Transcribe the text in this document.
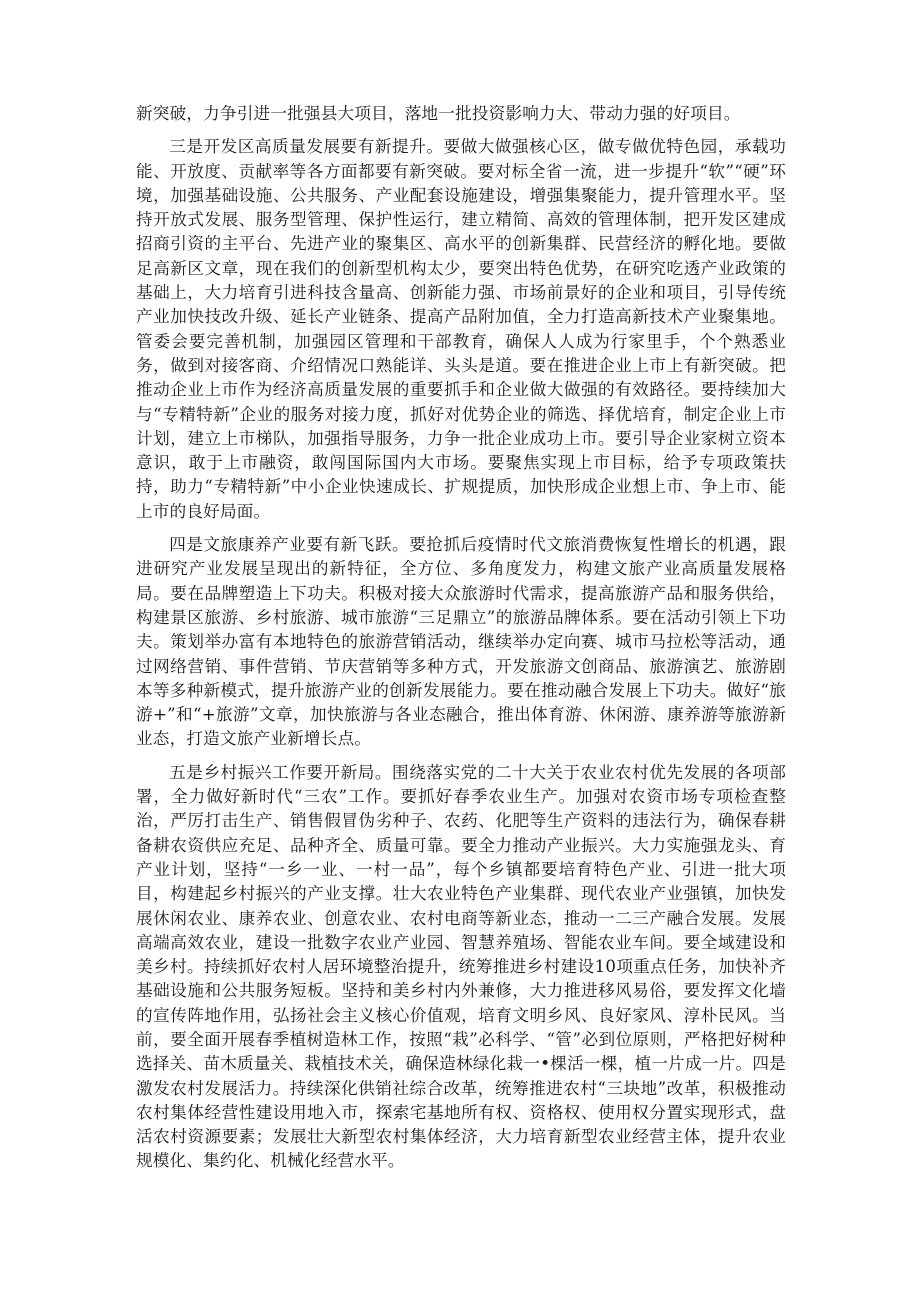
新突破，力争引进一批强县大项目，落地一批投资影响力大、带动力强的好项目。

三是开发区高质量发展要有新提升。要做大做强核心区，做专做优特色园，承载功能、开放度、贡献率等各方面都要有新突破。要对标全省一流，进一步提升“软”“硬”环境，加强基础设施、公共服务、产业配套设施建设，增强集聚能力，提升管理水平。坚持开放式发展、服务型管理、保护性运行，建立精简、高效的管理体制，把开发区建成招商引资的主平台、先进产业的聚集区、高水平的创新集群、民营经济的孵化地。要做足高新区文章，现在我们的创新型机构太少，要突出特色优势，在研究吃透产业政策的基础上，大力培育引进科技含量高、创新能力强、市场前景好的企业和项目，引导传统产业加快技改升级、延长产业链条、提高产品附加值，全力打造高新技术产业聚集地。管委会要完善机制，加强园区管理和干部教育，确保人人成为行家里手，个个熟悉业务，做到对接客商、介绍情况口熟能详、头头是道。要在推进企业上市上有新突破。把推动企业上市作为经济高质量发展的重要抓手和企业做大做强的有效路径。要持续加大与“专精特新”企业的服务对接力度，抓好对优势企业的筛选、择优培育，制定企业上市计划，建立上市梯队，加强指导服务，力争一批企业成功上市。要引导企业家树立资本意识，敢于上市融资，敢闯国际国内大市场。要聚焦实现上市目标，给予专项政策扶持，助力“专精特新”中小企业快速成长、扩规提质，加快形成企业想上市、争上市、能上市的良好局面。

四是文旅康养产业要有新飞跃。要抢抓后疫情时代文旅消费恢复性增长的机遇，跟进研究产业发展呈现出的新特征，全方位、多角度发力，构建文旅产业高质量发展格局。要在品牌塑造上下功夫。积极对接大众旅游时代需求，提高旅游产品和服务供给，构建景区旅游、乡村旅游、城市旅游“三足鼎立”的旅游品牌体系。要在活动引领上下功夫。策划举办富有本地特色的旅游营销活动，继续举办定向赛、城市马拉松等活动，通过网络营销、事件营销、节庆营销等多种方式，开发旅游文创商品、旅游演艺、旅游剧本等多种新模式，提升旅游产业的创新发展能力。要在推动融合发展上下功夫。做好“旅游+”和“+旅游”文章，加快旅游与各业态融合，推出体育游、休闲游、康养游等旅游新业态，打造文旅产业新增长点。

五是乡村振兴工作要开新局。围绕落实党的二十大关于农业农村优先发展的各项部署，全力做好新时代“三农”工作。要抓好春季农业生产。加强对农资市场专项检查整治，严厉打击生产、销售假冒伪劣种子、农药、化肥等生产资料的违法行为，确保春耕备耕农资供应充足、品种齐全、质量可靠。要全力推动产业振兴。大力实施强龙头、育产业计划，坚持“一乡一业、一村一品”，每个乡镇都要培育特色产业、引进一批大项目，构建起乡村振兴的产业支撑。壮大农业特色产业集群、现代农业产业强镇，加快发展休闲农业、康养农业、创意农业、农村电商等新业态，推动一二三产融合发展。发展高端高效农业，建设一批数字农业产业园、智慧养殖场、智能农业车间。要全域建设和美乡村。持续抓好农村人居环境整治提升，统筹推进乡村建设10项重点任务，加快补齐基础设施和公共服务短板。坚持和美乡村内外兼修，大力推进移风易俗，要发挥文化墙的宣传阵地作用，弘扬社会主义核心价值观，培育文明乡风、良好家风、淳朴民风。当前，要全面开展春季植树造林工作，按照“栽”必科学、“管”必到位原则，严格把好树种选择关、苗木质量关、栽植技术关，确保造林绿化栽一•棵活一棵，植一片成一片。四是激发农村发展活力。持续深化供销社综合改革，统筹推进农村“三块地”改革，积极推动农村集体经营性建设用地入市，探索宅基地所有权、资格权、使用权分置实现形式，盘活农村资源要素；发展壮大新型农村集体经济，大力培育新型农业经营主体，提升农业规模化、集约化、机械化经营水平。
